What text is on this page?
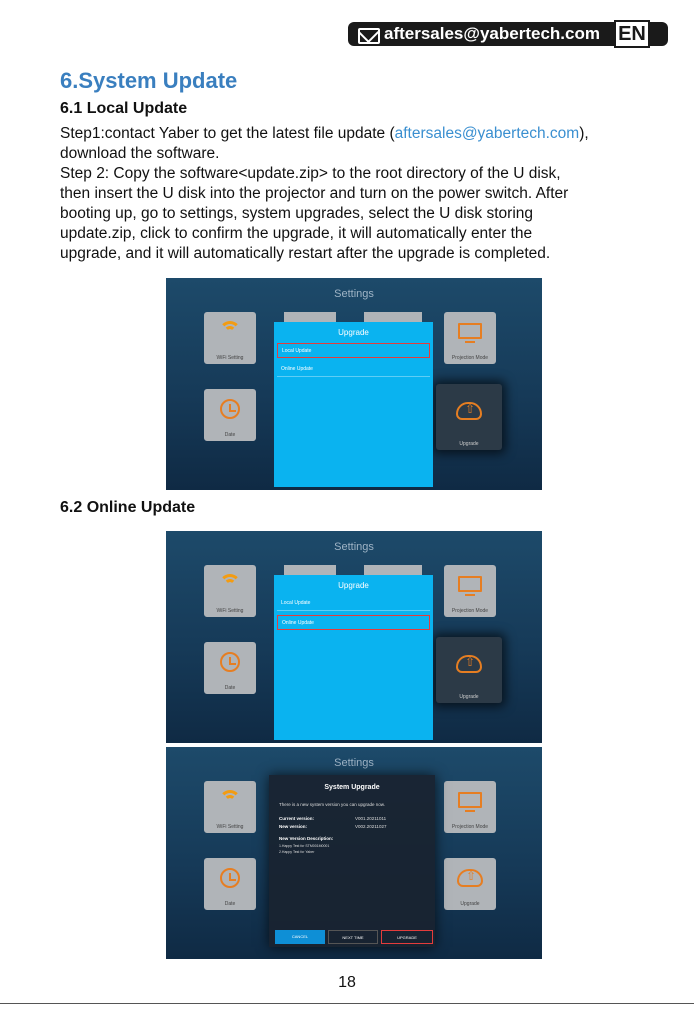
aftersales@yabertech.com EN
6.System Update
6.1 Local Update

Step1:contact Yaber to get the latest file update (aftersales@yabertech.com),

download the software.

Step 2: Copy the software<update.zip> to the root directory of the U disk,

then insert the U disk into the projector and turn on the power switch. After

booting up, go to settings, system upgrades, select the U disk storing

update.zip, click to confirm the upgrade, it will automatically enter the

upgrade, and it will automatically restart after the upgrade is completed.

Settings
WiFi Setting
Date
Projection Mode
⇧
Upgrade
Upgrade
Local Update
Online Update
6.2 Online Update
Settings
WiFi Setting
Date
Projection Mode
⇧
Upgrade
Upgrade
Local Update
Online Update
Settings
WiFi Setting
Date
Projection Mode
⇧
Upgrade
System Upgrade
There is a new system version you can upgrade now.
Current version:	V001.20211011
New version:	V002.20211027
New Version Description:
1.Happy Test for STM001M0001
2.Happy Test for Yaber
CANCEL	NEXT TIME	UPGRADE
18
